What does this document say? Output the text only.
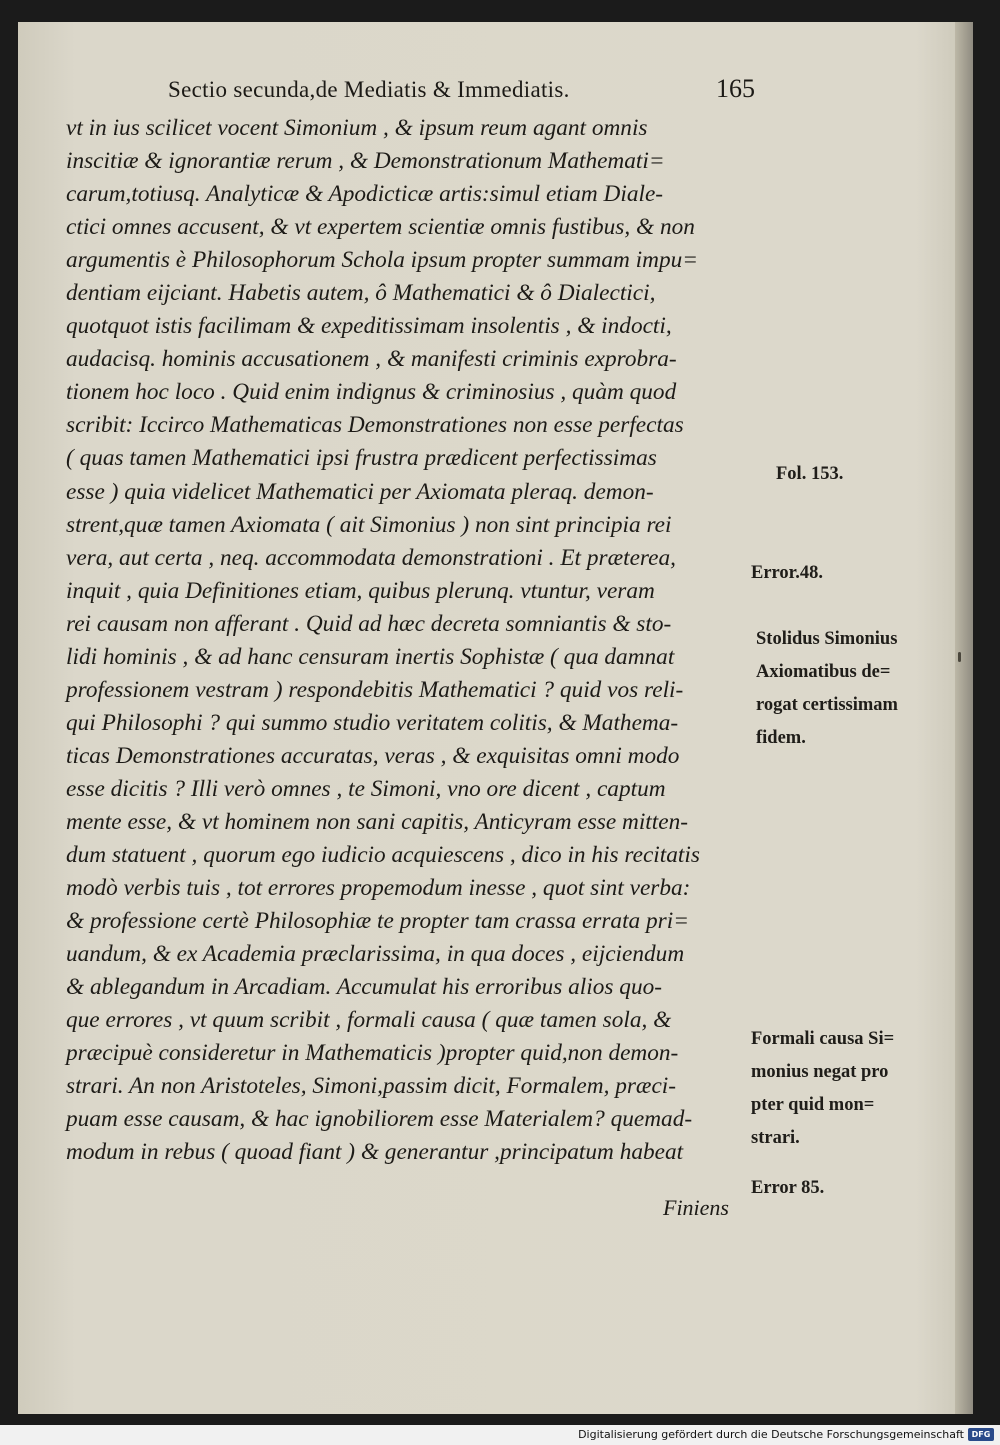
Sectio secunda,de Mediatis & Immediatis.	165
vt in ius scilicet vocent Simonium , & ipsum reum agant omnis
inscitiæ & ignorantiæ rerum , & Demonstrationum Mathemati=
carum,totiusq. Analyticæ & Apodicticæ artis:simul etiam Diale-
ctici omnes accusent, & vt expertem scientiæ omnis fustibus, & non
argumentis è Philosophorum Schola ipsum propter summam impu=
dentiam eijciant. Habetis autem, ô Mathematici & ô Dialectici,
quotquot istis facilimam & expeditissimam insolentis , & indocti,
audacisq. hominis accusationem , & manifesti criminis exprobra-
tionem hoc loco . Quid enim indignus & criminosius , quàm quod
scribit: Iccirco Mathematicas Demonstrationes non esse perfectas
( quas tamen Mathematici ipsi frustra prædicent perfectissimas
esse ) quia videlicet Mathematici per Axiomata pleraq. demon-
strent,quæ tamen Axiomata ( ait Simonius ) non sint principia rei
vera, aut certa , neq. accommodata demonstrationi . Et præterea,
inquit , quia Definitiones etiam, quibus plerunq. vtuntur, veram
rei causam non afferant . Quid ad hæc decreta somniantis & sto-
lidi hominis , & ad hanc censuram inertis Sophistæ ( qua damnat
professionem vestram ) respondebitis Mathematici ? quid vos reli-
qui Philosophi ? qui summo studio veritatem colitis, & Mathema-
ticas Demonstrationes accuratas, veras , & exquisitas omni modo
esse dicitis ? Illi verò omnes , te Simoni, vno ore dicent , captum
mente esse, & vt hominem non sani capitis, Anticyram esse mitten-
dum statuent , quorum ego iudicio acquiescens , dico in his recitatis
modò verbis tuis , tot errores propemodum inesse , quot sint verba:
& professione certè Philosophiæ te propter tam crassa errata pri=
uandum, & ex Academia præclarissima, in qua doces , eijciendum
& ablegandum in Arcadiam. Accumulat his erroribus alios quo-
que errores , vt quum scribit , formali causa ( quæ tamen sola, &
præcipuè consideretur in Mathematicis )propter quid,non demon-
strari. An non Aristoteles, Simoni,passim dicit, Formalem, præci-
puam esse causam, & hac ignobiliorem esse Materialem? quemad-
modum in rebus ( quoad fiant ) & generantur ,principatum habeat
Fol. 153.
Error.48.
Stolidus Simonius
Axiomatibus de=
rogat certissimam
fidem.
Formali causa Si=
monius negat pro
pter quid mon=
strari.
Error 85.
Finiens
Digitalisierung gefördert durch die Deutsche Forschungsgemeinschaft DFG
